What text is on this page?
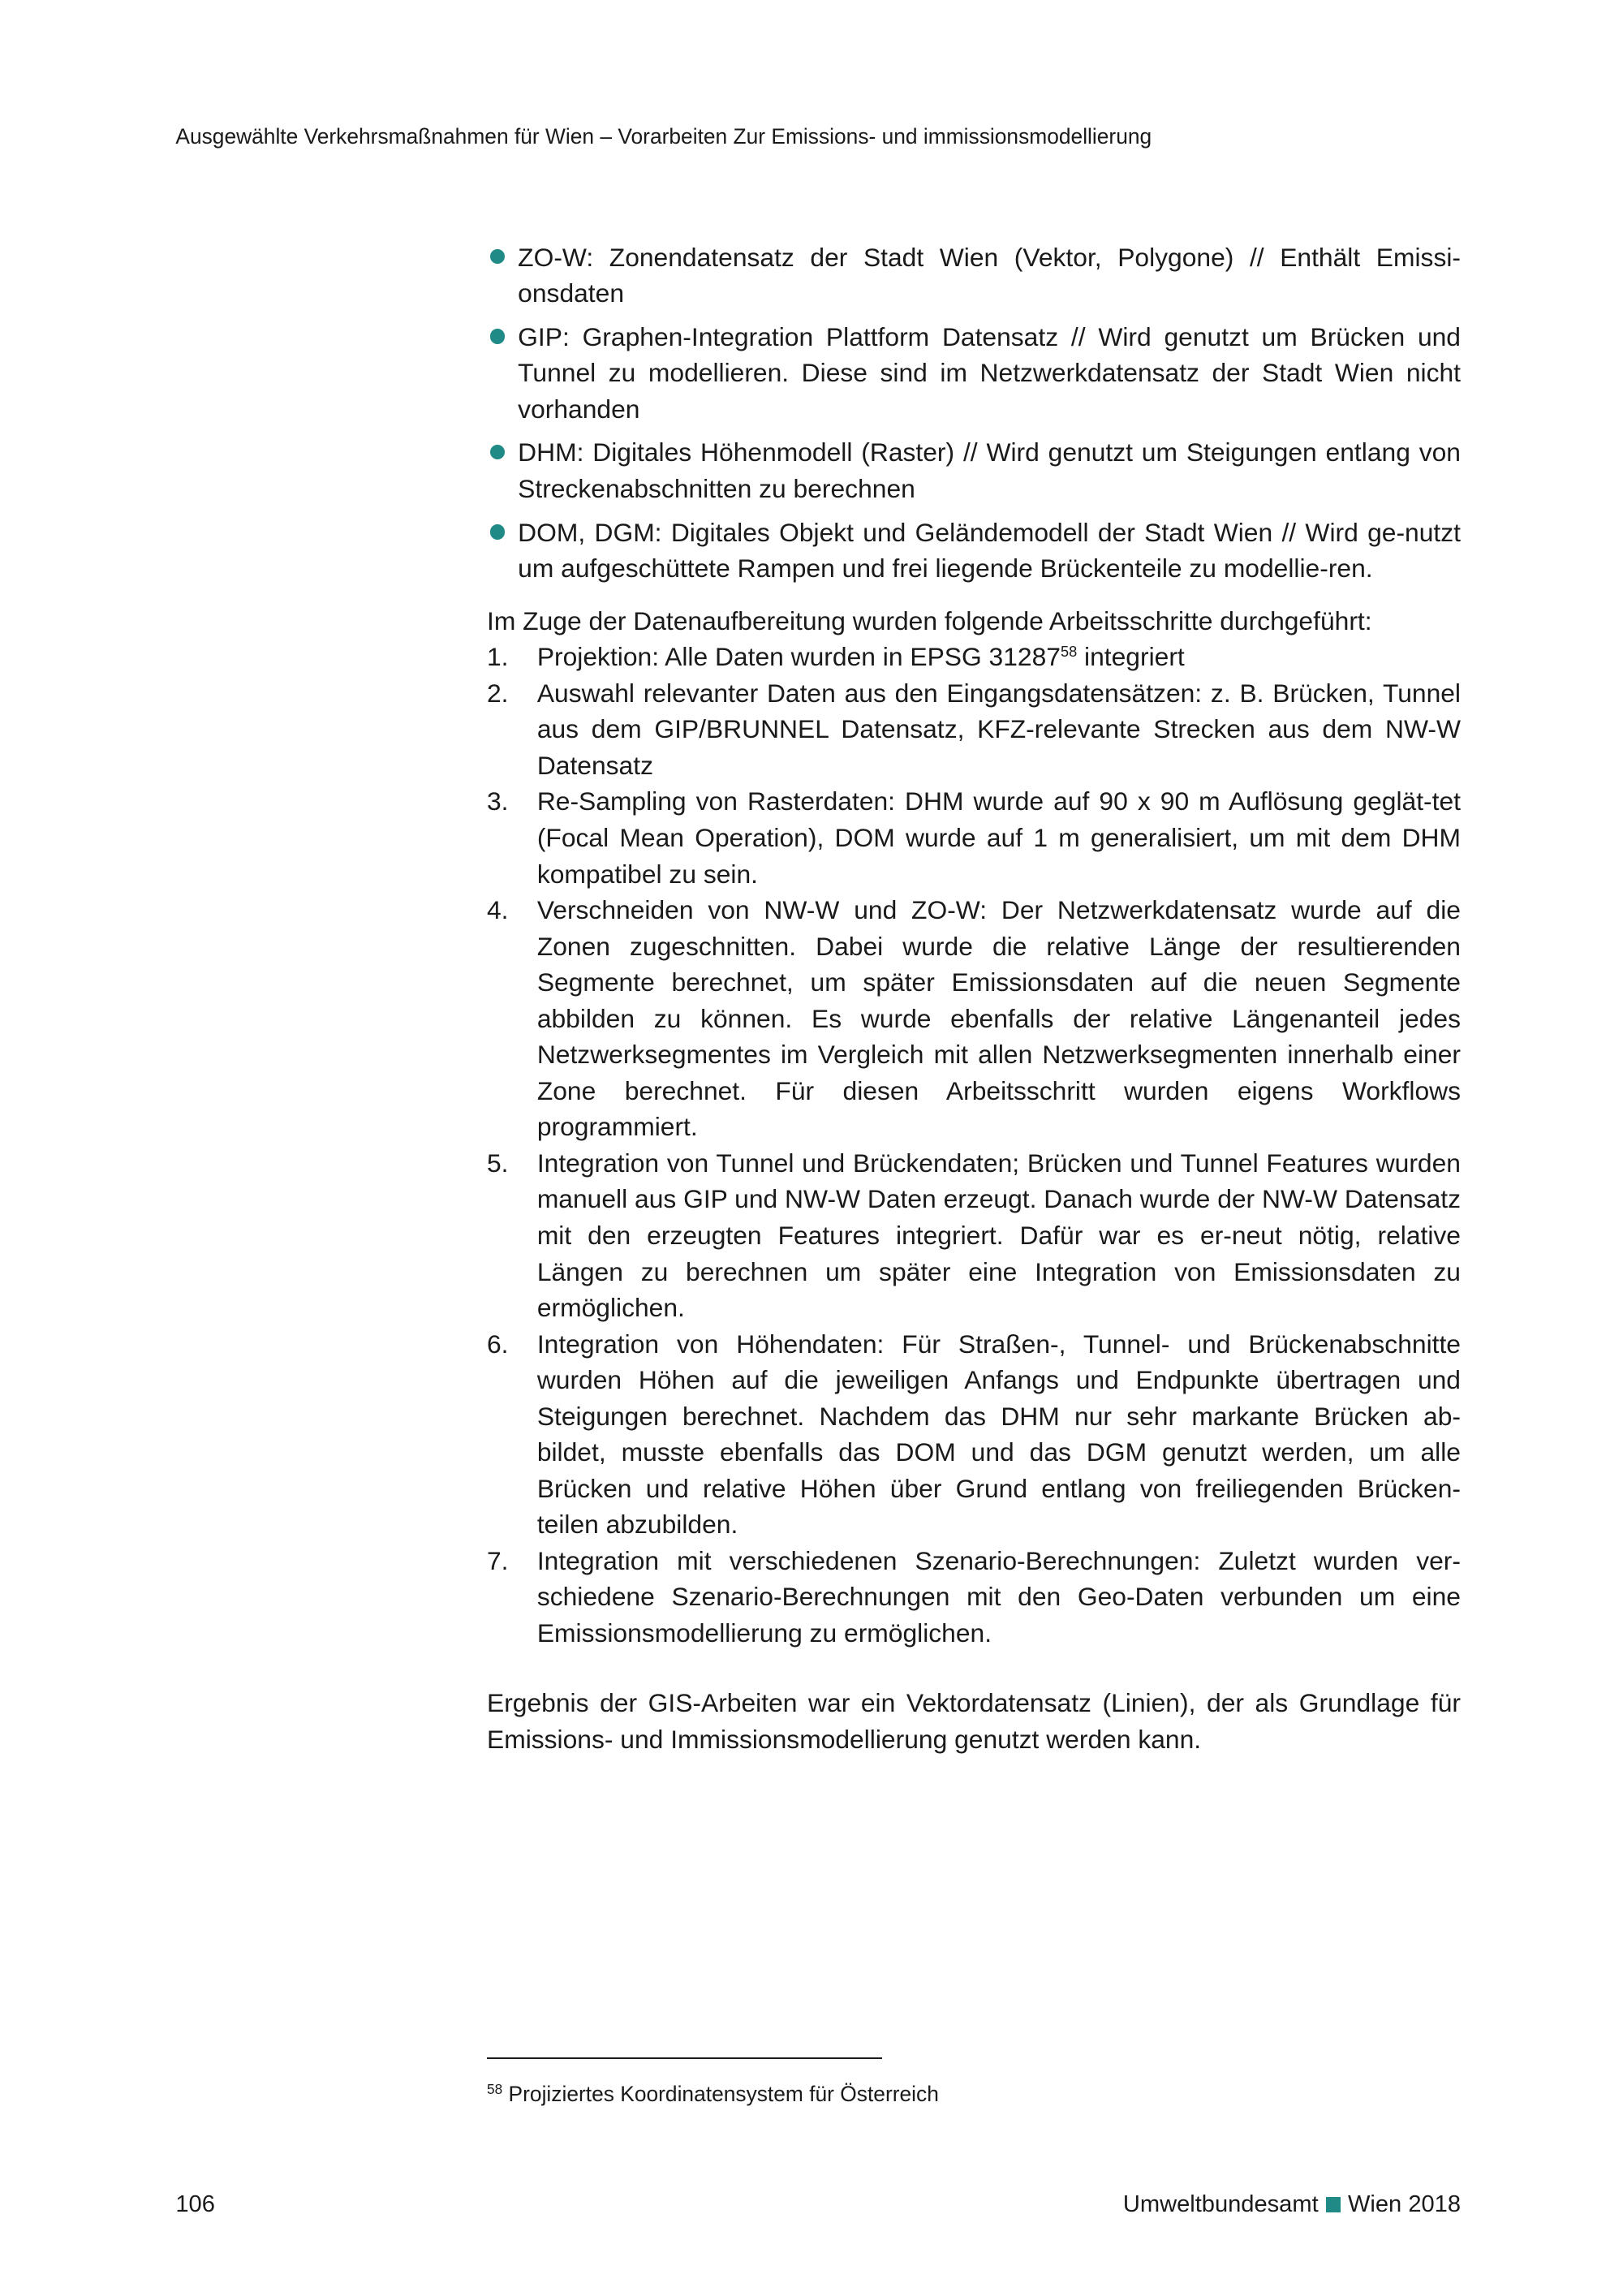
Ausgewählte Verkehrsmaßnahmen für Wien – Vorarbeiten Zur Emissions- und immissionsmodellierung
ZO-W: Zonendatensatz der Stadt Wien (Vektor, Polygone) // Enthält Emissi-onsdaten
GIP: Graphen-Integration Plattform Datensatz // Wird genutzt um Brücken und Tunnel zu modellieren. Diese sind im Netzwerkdatensatz der Stadt Wien nicht vorhanden
DHM: Digitales Höhenmodell (Raster) // Wird genutzt um Steigungen entlang von Streckenabschnitten zu berechnen
DOM, DGM: Digitales Objekt und Geländemodell der Stadt Wien // Wird ge-nutzt um aufgeschüttete Rampen und frei liegende Brückenteile zu modellie-ren.

Im Zuge der Datenaufbereitung wurden folgende Arbeitsschritte durchgeführt:

1. Projektion: Alle Daten wurden in EPSG 31287$^{58}$ integriert
2. Auswahl relevanter Daten aus den Eingangsdatensätzen: z. B. Brücken, Tunnel aus dem GIP/BRUNNEL Datensatz, KFZ-relevante Strecken aus dem NW-W Datensatz
3. Re-Sampling von Rasterdaten: DHM wurde auf 90 x 90 m Auflösung geglät-tet (Focal Mean Operation), DOM wurde auf 1 m generalisiert, um mit dem DHM kompatibel zu sein.
4. Verschneiden von NW-W und ZO-W: Der Netzwerkdatensatz wurde auf die Zonen zugeschnitten. Dabei wurde die relative Länge der resultierenden Segmente berechnet, um später Emissionsdaten auf die neuen Segmente abbilden zu können. Es wurde ebenfalls der relative Längenanteil jedes Netzwerksegmentes im Vergleich mit allen Netzwerksegmenten innerhalb einer Zone berechnet. Für diesen Arbeitsschritt wurden eigens Workflows programmiert.
5. Integration von Tunnel und Brückendaten; Brücken und Tunnel Features wurden manuell aus GIP und NW-W Daten erzeugt. Danach wurde der NW-W Datensatz mit den erzeugten Features integriert. Dafür war es er-neut nötig, relative Längen zu berechnen um später eine Integration von Emissionsdaten zu ermöglichen.
6. Integration von Höhendaten: Für Straßen-, Tunnel- und Brückenabschnitte wurden Höhen auf die jeweiligen Anfangs und Endpunkte übertragen und Steigungen berechnet. Nachdem das DHM nur sehr markante Brücken ab-bildet, musste ebenfalls das DOM und das DGM genutzt werden, um alle Brücken und relative Höhen über Grund entlang von freiliegenden Brücken-teilen abzubilden.
7. Integration mit verschiedenen Szenario-Berechnungen: Zuletzt wurden ver-schiedene Szenario-Berechnungen mit den Geo-Daten verbunden um eine Emissionsmodellierung zu ermöglichen.

Ergebnis der GIS-Arbeiten war ein Vektordatensatz (Linien), der als Grundlage für Emissions- und Immissionsmodellierung genutzt werden kann.

$^{58}$ Projiziertes Koordinatensystem für Österreich
106	Umweltbundesamt Wien 2018
